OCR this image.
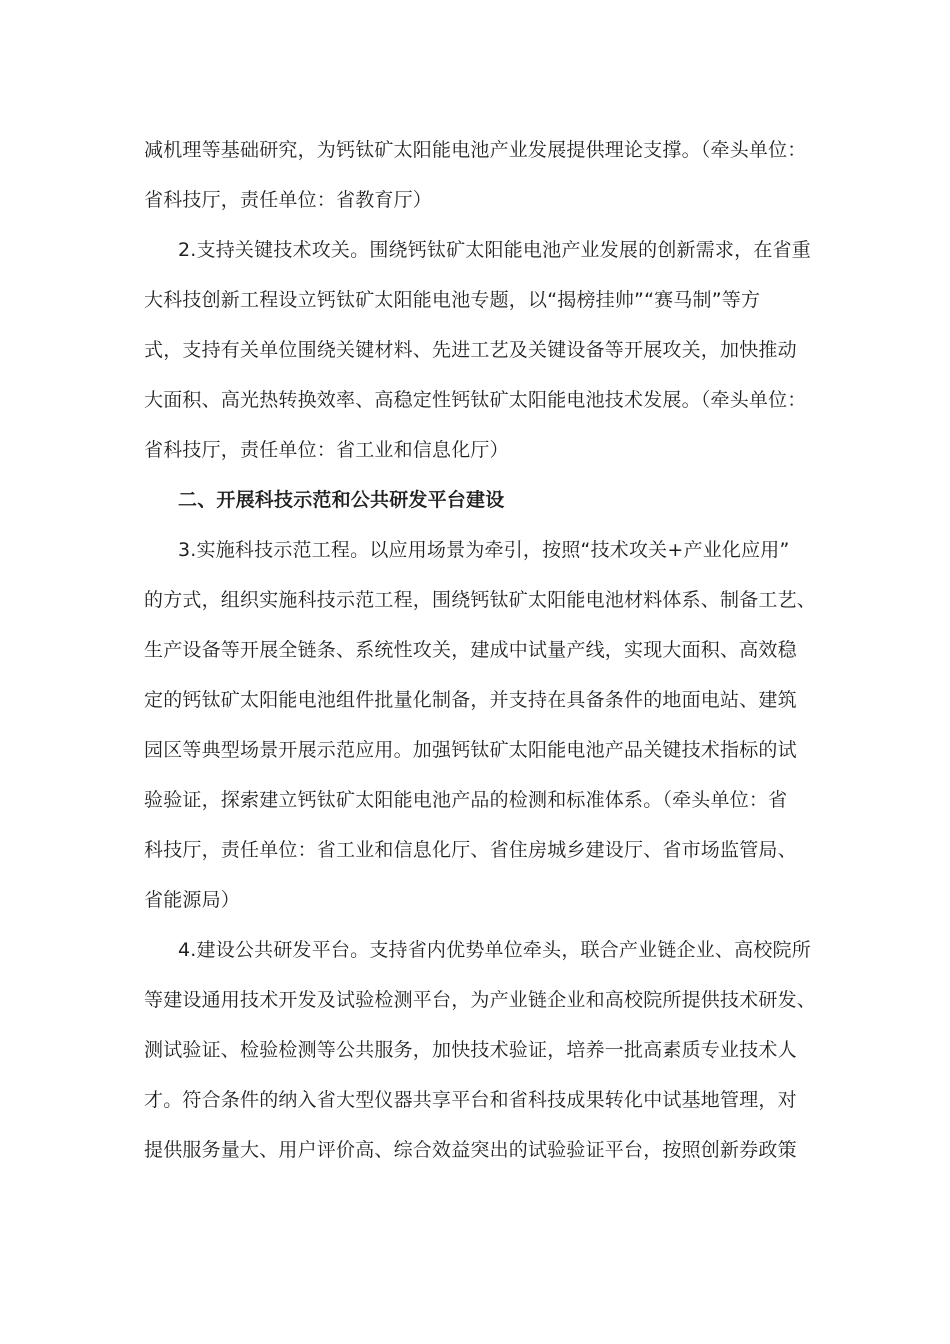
减机理等基础研究，为钙钛矿太阳能电池产业发展提供理论支撑。（牵头单位：
省科技厅，责任单位：省教育厅）
2.支持关键技术攻关。围绕钙钛矿太阳能电池产业发展的创新需求，在省重
大科技创新工程设立钙钛矿太阳能电池专题，以“揭榜挂帅”“赛马制”等方
式，支持有关单位围绕关键材料、先进工艺及关键设备等开展攻关，加快推动
大面积、高光热转换效率、高稳定性钙钛矿太阳能电池技术发展。（牵头单位：
省科技厅，责任单位：省工业和信息化厅）
二、开展科技示范和公共研发平台建设
3.实施科技示范工程。以应用场景为牵引，按照“技术攻关+产业化应用”
的方式，组织实施科技示范工程，围绕钙钛矿太阳能电池材料体系、制备工艺、
生产设备等开展全链条、系统性攻关，建成中试量产线，实现大面积、高效稳
定的钙钛矿太阳能电池组件批量化制备，并支持在具备条件的地面电站、建筑
园区等典型场景开展示范应用。加强钙钛矿太阳能电池产品关键技术指标的试
验验证，探索建立钙钛矿太阳能电池产品的检测和标准体系。（牵头单位：省
科技厅，责任单位：省工业和信息化厅、省住房城乡建设厅、省市场监管局、
省能源局）
4.建设公共研发平台。支持省内优势单位牵头，联合产业链企业、高校院所
等建设通用技术开发及试验检测平台，为产业链企业和高校院所提供技术研发、
测试验证、检验检测等公共服务，加快技术验证，培养一批高素质专业技术人
才。符合条件的纳入省大型仪器共享平台和省科技成果转化中试基地管理，对
提供服务量大、用户评价高、综合效益突出的试验验证平台，按照创新券政策
